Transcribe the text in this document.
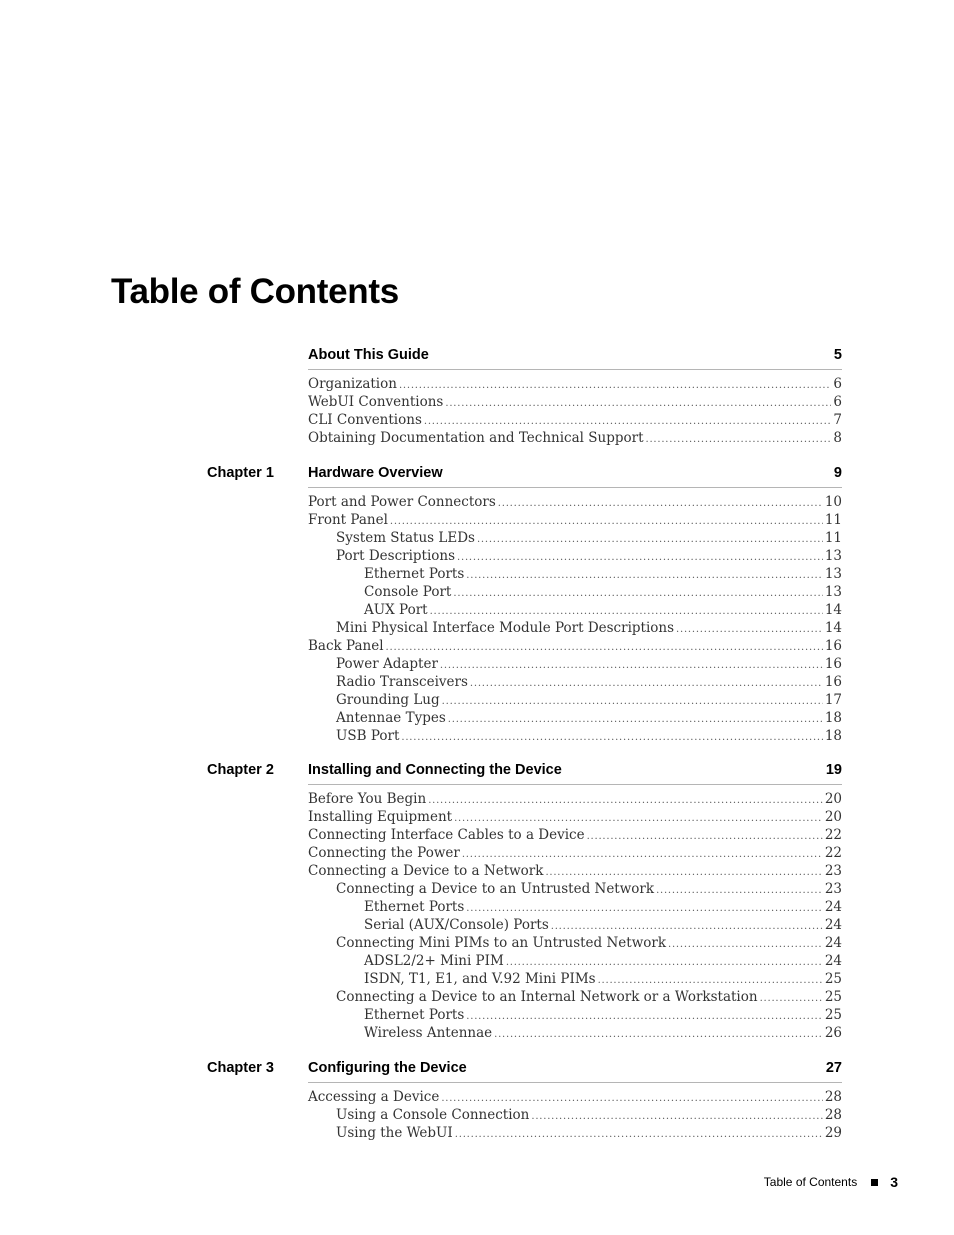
Table of Contents
About This Guide	5
Organization . . .	6
WebUI Conventions . . .	6
CLI Conventions . . .	7
Obtaining Documentation and Technical Support . . .	8
Chapter 1 Hardware Overview	9
Port and Power Connectors . . .	10
Front Panel . . .	11
System Status LEDs . . .	11
Port Descriptions . . .	13
Ethernet Ports . . .	13
Console Port . . .	13
AUX Port . . .	14
Mini Physical Interface Module Port Descriptions . . .	14
Back Panel . . .	16
Power Adapter . . .	16
Radio Transceivers . . .	16
Grounding Lug . . .	17
Antennae Types . . .	18
USB Port . . .	18
Chapter 2 Installing and Connecting the Device	19
Before You Begin . . .	20
Installing Equipment . . .	20
Connecting Interface Cables to a Device . . .	22
Connecting the Power . . .	22
Connecting a Device to a Network . . .	23
Connecting a Device to an Untrusted Network . . .	23
Ethernet Ports . . .	24
Serial (AUX/Console) Ports . . .	24
Connecting Mini PIMs to an Untrusted Network . . .	24
ADSL2/2+ Mini PIM . . .	24
ISDN, T1, E1, and V.92 Mini PIMs . . .	25
Connecting a Device to an Internal Network or a Workstation . . .	25
Ethernet Ports . . .	25
Wireless Antennae . . .	26
Chapter 3 Configuring the Device	27
Accessing a Device . . .	28
Using a Console Connection . . .	28
Using the WebUI . . .	29
Table of Contents 3
